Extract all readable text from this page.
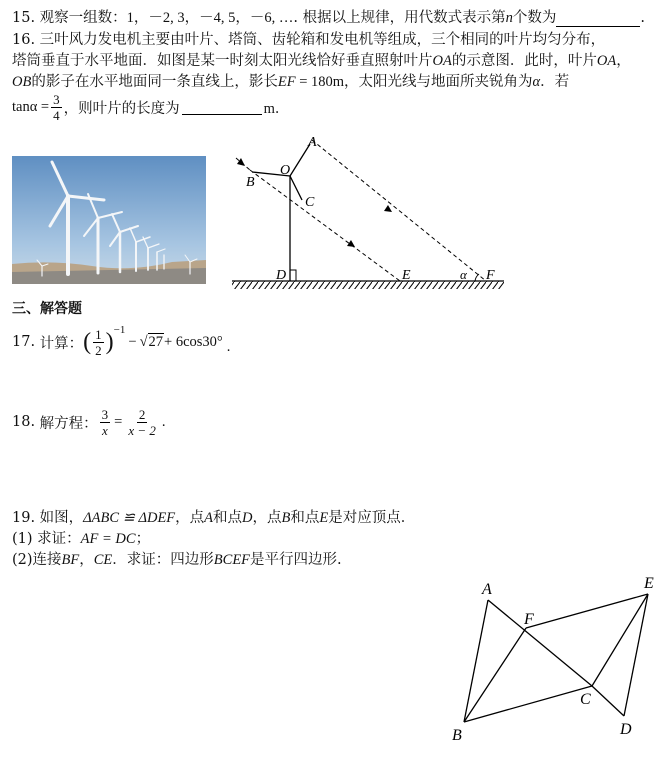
15. 观察一组数：1，－2, 3，－4, 5，－6, …. 根据以上规律，用代数式表示第n个数为	.
16. 三叶风力发电机主要由叶片、塔筒、齿轮箱和发电机等组成，三个相同的叶片均匀分布，
塔筒垂直于水平地面．如图是某一时刻太阳光线恰好垂直照射叶片OA的示意图．此时，叶片OA，
OB的影子在水平地面同一条直线上，影长EF = 180m，太阳光线与地面所夹锐角为α．若
$\tan\alpha = \frac{3}{4}$ ，则叶片的长度为	m．
A
O
B
C
D	E	α F
三、解答题
17.
计算： ( $\frac{1}{2}$ ) −1
− √ 27 + 6cos30° .
18.
解方程： $\frac{3}{x} = \frac{2}{x - 2}$ .
19. 如图，ΔABC ≌ ΔDEF，点A和点D，点B和点E是对应顶点．
(1) 求证：AF = DC；
(2)连接BF，CE．求证：四边形BCEF是平行四边形.
A
B
C
D
E
F
